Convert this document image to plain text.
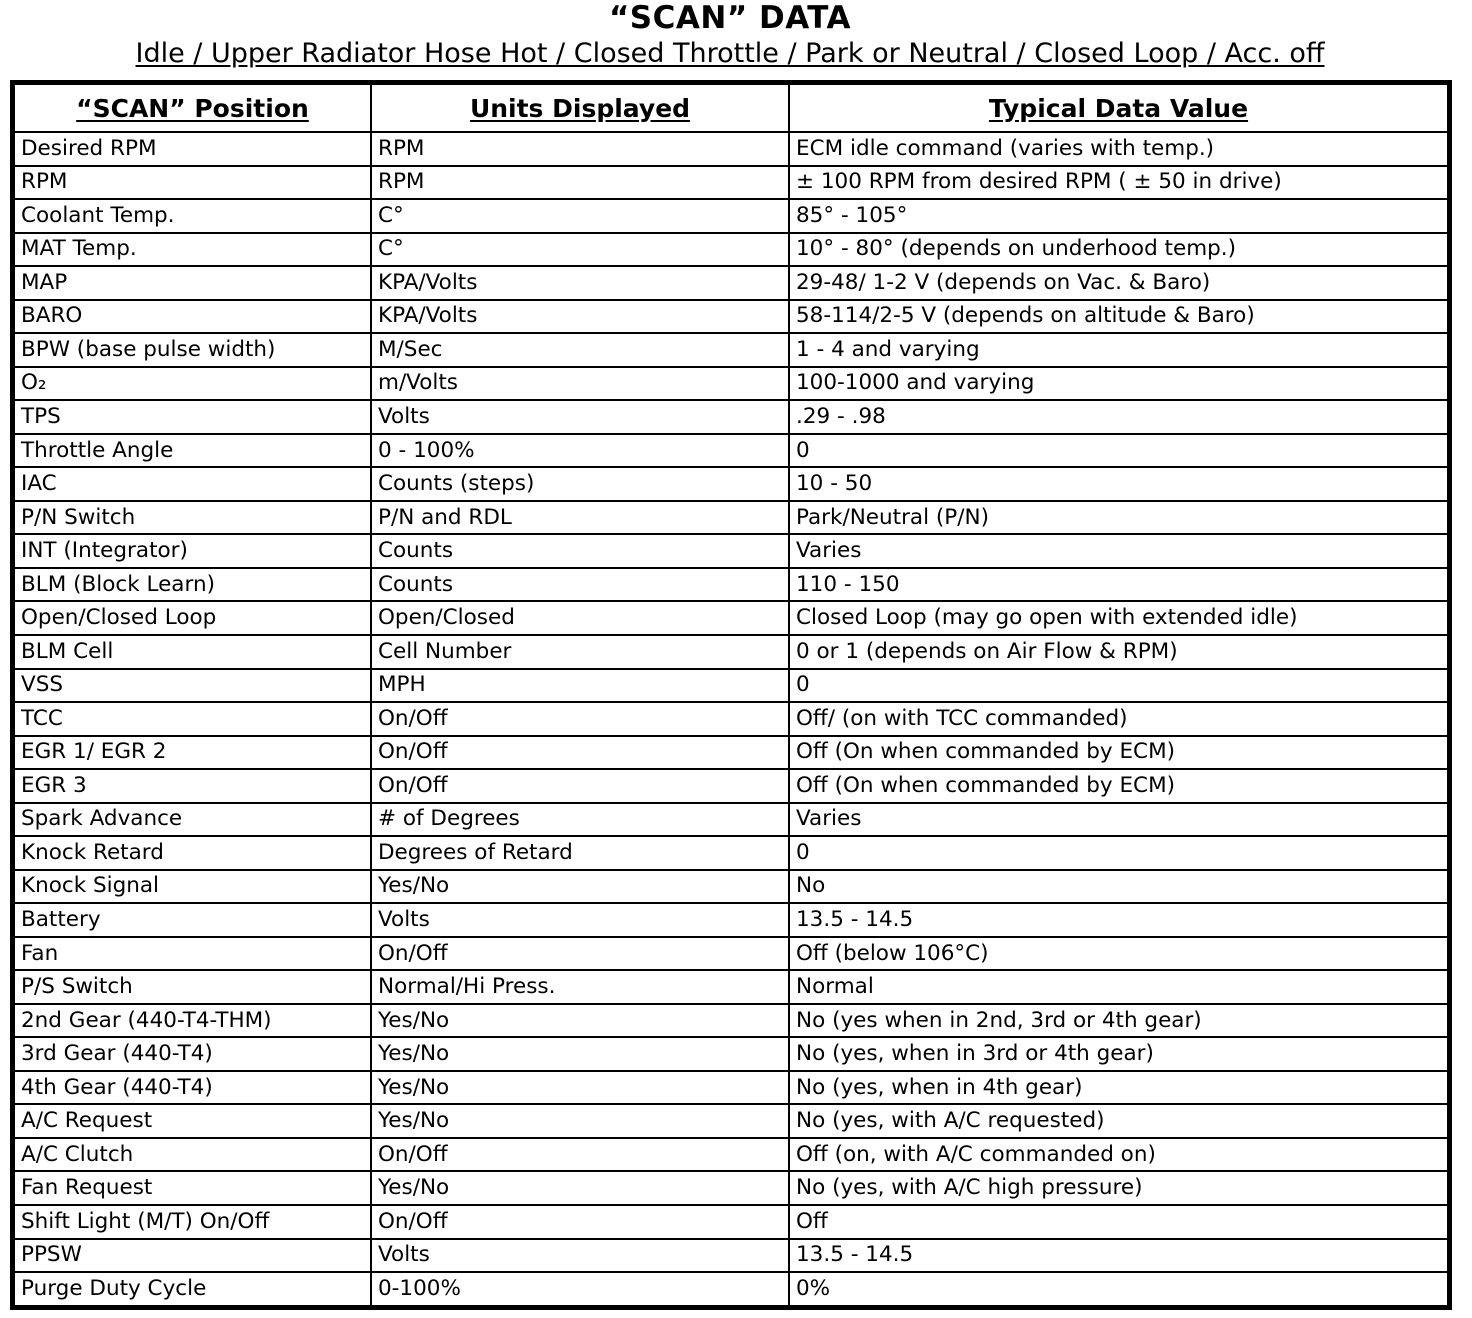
“SCAN” DATA
Idle / Upper Radiator Hose Hot / Closed Throttle / Park or Neutral / Closed Loop / Acc. off
“SCAN” Position	Units Displayed	Typical Data Value
Desired RPM	RPM	ECM idle command (varies with temp.)
RPM	RPM	± 100 RPM from desired RPM ( ± 50 in drive)
Coolant Temp.	C°	85° - 105°
MAT Temp.	C°	10° - 80° (depends on underhood temp.)
MAP	KPA/Volts	29-48/ 1-2 V (depends on Vac. & Baro)
BARO	KPA/Volts	58-114/2-5 V (depends on altitude & Baro)
BPW (base pulse width)	M/Sec	1 - 4 and varying
O₂	m/Volts	100-1000 and varying
TPS	Volts	.29 - .98
Throttle Angle	0 - 100%	0
IAC	Counts (steps)	10 - 50
P/N Switch	P/N and RDL	Park/Neutral (P/N)
INT (Integrator)	Counts	Varies
BLM (Block Learn)	Counts	110 - 150
Open/Closed Loop	Open/Closed	Closed Loop (may go open with extended idle)
BLM Cell	Cell Number	0 or 1 (depends on Air Flow & RPM)
VSS	MPH	0
TCC	On/Off	Off/ (on with TCC commanded)
EGR 1/ EGR 2	On/Off	Off (On when commanded by ECM)
EGR 3	On/Off	Off (On when commanded by ECM)
Spark Advance	# of Degrees	Varies
Knock Retard	Degrees of Retard	0
Knock Signal	Yes/No	No
Battery	Volts	13.5 - 14.5
Fan	On/Off	Off (below 106°C)
P/S Switch	Normal/Hi Press.	Normal
2nd Gear (440-T4-THM)	Yes/No	No (yes when in 2nd, 3rd or 4th gear)
3rd Gear (440-T4)	Yes/No	No (yes, when in 3rd or 4th gear)
4th Gear (440-T4)	Yes/No	No (yes, when in 4th gear)
A/C Request	Yes/No	No (yes, with A/C requested)
A/C Clutch	On/Off	Off (on, with A/C commanded on)
Fan Request	Yes/No	No (yes, with A/C high pressure)
Shift Light (M/T) On/Off	On/Off	Off
PPSW	Volts	13.5 - 14.5
Purge Duty Cycle	0-100%	0%
